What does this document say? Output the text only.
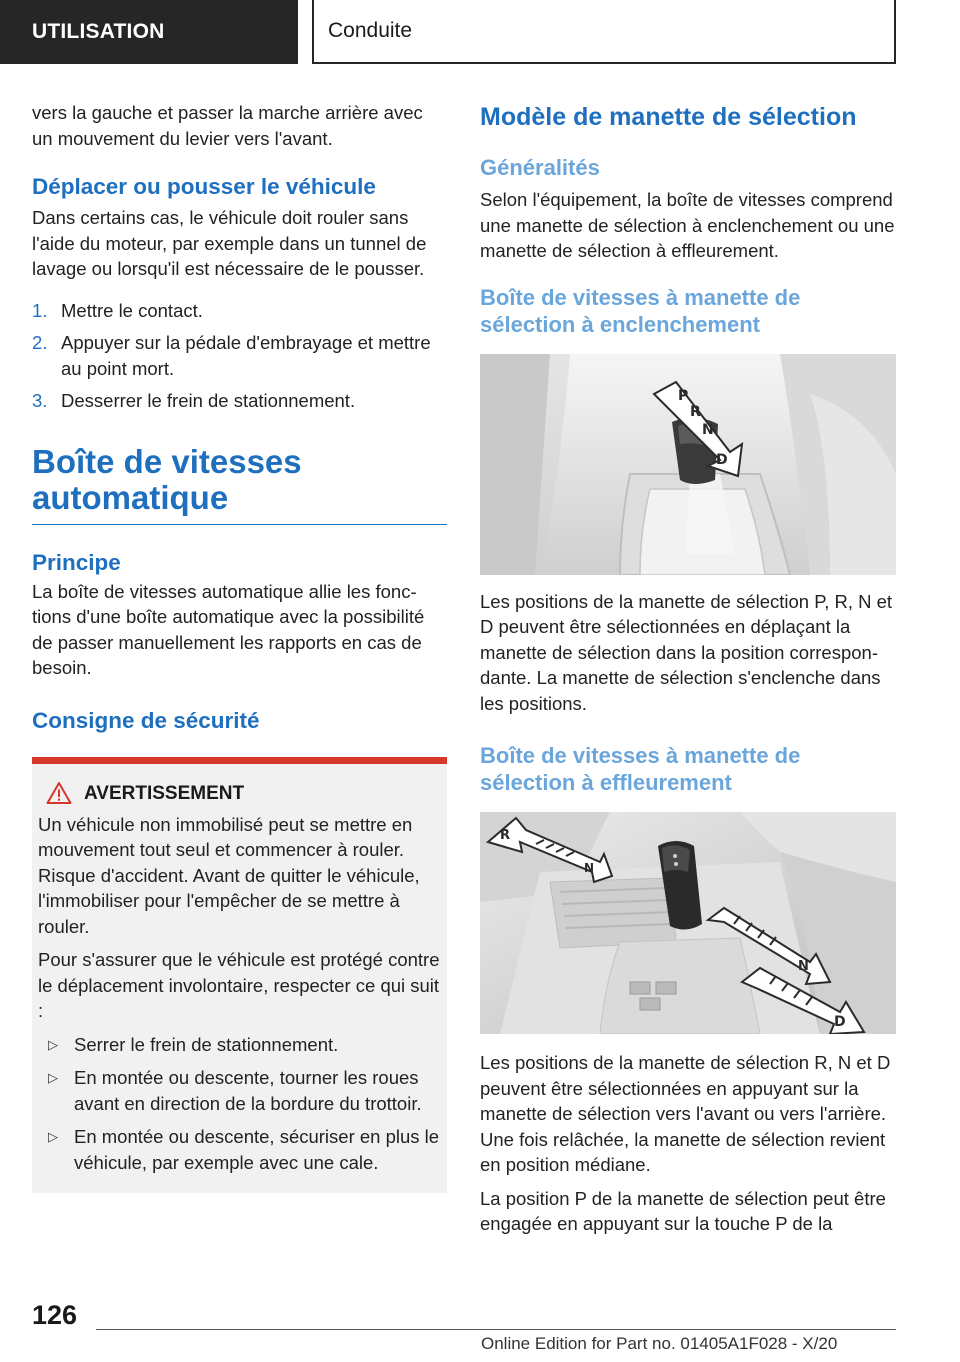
UTILISATION	Conduite

vers la gauche et passer la marche arrière avec un mouvement du levier vers l'avant.

Déplacer ou pousser le véhicule

Dans certains cas, le véhicule doit rouler sans l'aide du moteur, par exemple dans un tunnel de lavage ou lorsqu'il est nécessaire de le pousser.

1. Mettre le contact.
2. Appuyer sur la pédale d'embrayage et mettre au point mort.
3. Desserrer le frein de stationnement.
Boîte de vitesses automatique
Principe

La boîte de vitesses automatique allie les fonctions d'une boîte automatique avec la possibilité de passer manuellement les rapports en cas de besoin.

Consigne de sécurité
AVERTISSEMENT

Un véhicule non immobilisé peut se mettre en mouvement tout seul et commencer à rouler. Risque d'accident. Avant de quitter le véhicule, l'immobiliser pour l'empêcher de se mettre à rouler.

Pour s'assurer que le véhicule est protégé contre le déplacement involontaire, respecter ce qui suit :

▷ Serrer le frein de stationnement.
▷ En montée ou descente, tourner les roues avant en direction de la bordure du trottoir.
▷ En montée ou descente, sécuriser en plus le véhicule, par exemple avec une cale.
Modèle de manette de sélection
Généralités

Selon l'équipement, la boîte de vitesses comprend une manette de sélection à enclenchement ou une manette de sélection à effleurement.

Boîte de vitesses à manette de sélection à enclenchement
P
R
N
D

Les positions de la manette de sélection P, R, N et D peuvent être sélectionnées en déplaçant la manette de sélection dans la position correspondante. La manette de sélection s'enclenche dans les positions.

Boîte de vitesses à manette de sélection à effleurement
R
N
N
D

Les positions de la manette de sélection R, N et D peuvent être sélectionnées en appuyant sur la manette de sélection vers l'avant ou vers l'arrière. Une fois relâchée, la manette de sélection revient en position médiane.

La position P de la manette de sélection peut être engagée en appuyant sur la touche P de la

126
Online Edition for Part no. 01405A1F028 - X/20
